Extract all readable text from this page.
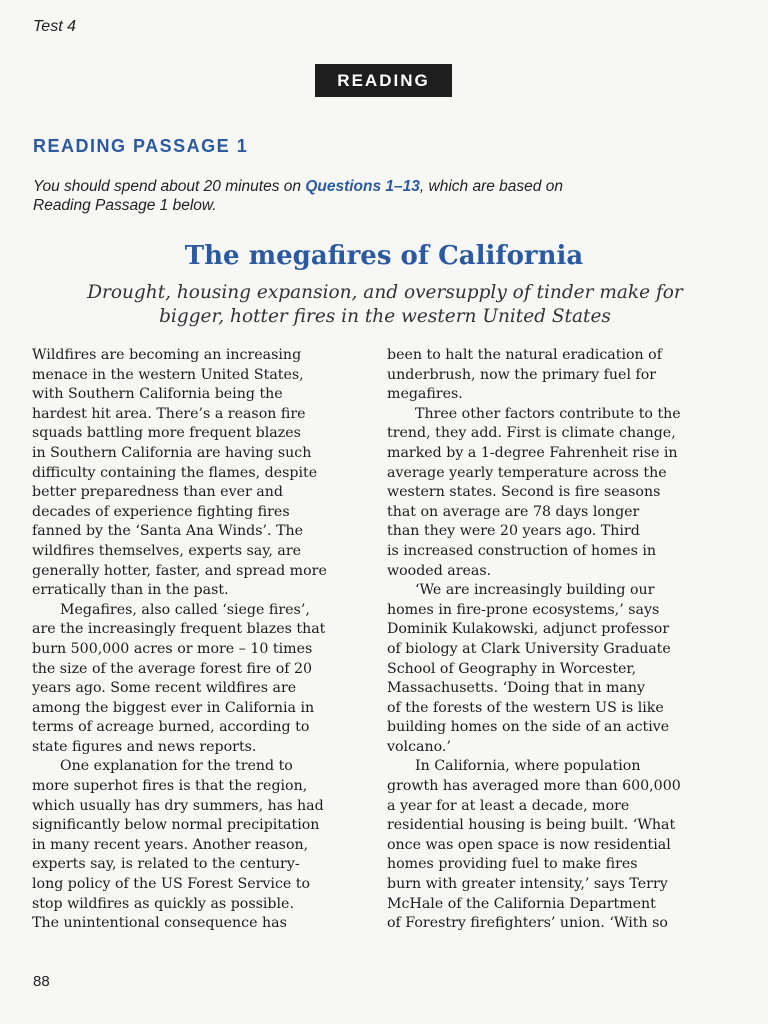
Test 4
READING
READING PASSAGE 1
You should spend about 20 minutes on Questions 1–13, which are based on
Reading Passage 1 below.
The megafires of California
Drought, housing expansion, and oversupply of tinder make for
bigger, hotter fires in the western United States
Wildfires are becoming an increasing
menace in the western United States,
with Southern California being the
hardest hit area. There’s a reason fire
squads battling more frequent blazes
in Southern California are having such
difficulty containing the flames, despite
better preparedness than ever and
decades of experience fighting fires
fanned by the ‘Santa Ana Winds’. The
wildfires themselves, experts say, are
generally hotter, faster, and spread more
erratically than in the past.
Megafires, also called ‘siege fires’,
are the increasingly frequent blazes that
burn 500,000 acres or more – 10 times
the size of the average forest fire of 20
years ago. Some recent wildfires are
among the biggest ever in California in
terms of acreage burned, according to
state figures and news reports.
One explanation for the trend to
more superhot fires is that the region,
which usually has dry summers, has had
significantly below normal precipitation
in many recent years. Another reason,
experts say, is related to the century-
long policy of the US Forest Service to
stop wildfires as quickly as possible.
The unintentional consequence has
been to halt the natural eradication of
underbrush, now the primary fuel for
megafires.
Three other factors contribute to the
trend, they add. First is climate change,
marked by a 1-degree Fahrenheit rise in
average yearly temperature across the
western states. Second is fire seasons
that on average are 78 days longer
than they were 20 years ago. Third
is increased construction of homes in
wooded areas.
‘We are increasingly building our
homes in fire-prone ecosystems,’ says
Dominik Kulakowski, adjunct professor
of biology at Clark University Graduate
School of Geography in Worcester,
Massachusetts. ‘Doing that in many
of the forests of the western US is like
building homes on the side of an active
volcano.’
In California, where population
growth has averaged more than 600,000
a year for at least a decade, more
residential housing is being built. ‘What
once was open space is now residential
homes providing fuel to make fires
burn with greater intensity,’ says Terry
McHale of the California Department
of Forestry firefighters’ union. ‘With so
88
